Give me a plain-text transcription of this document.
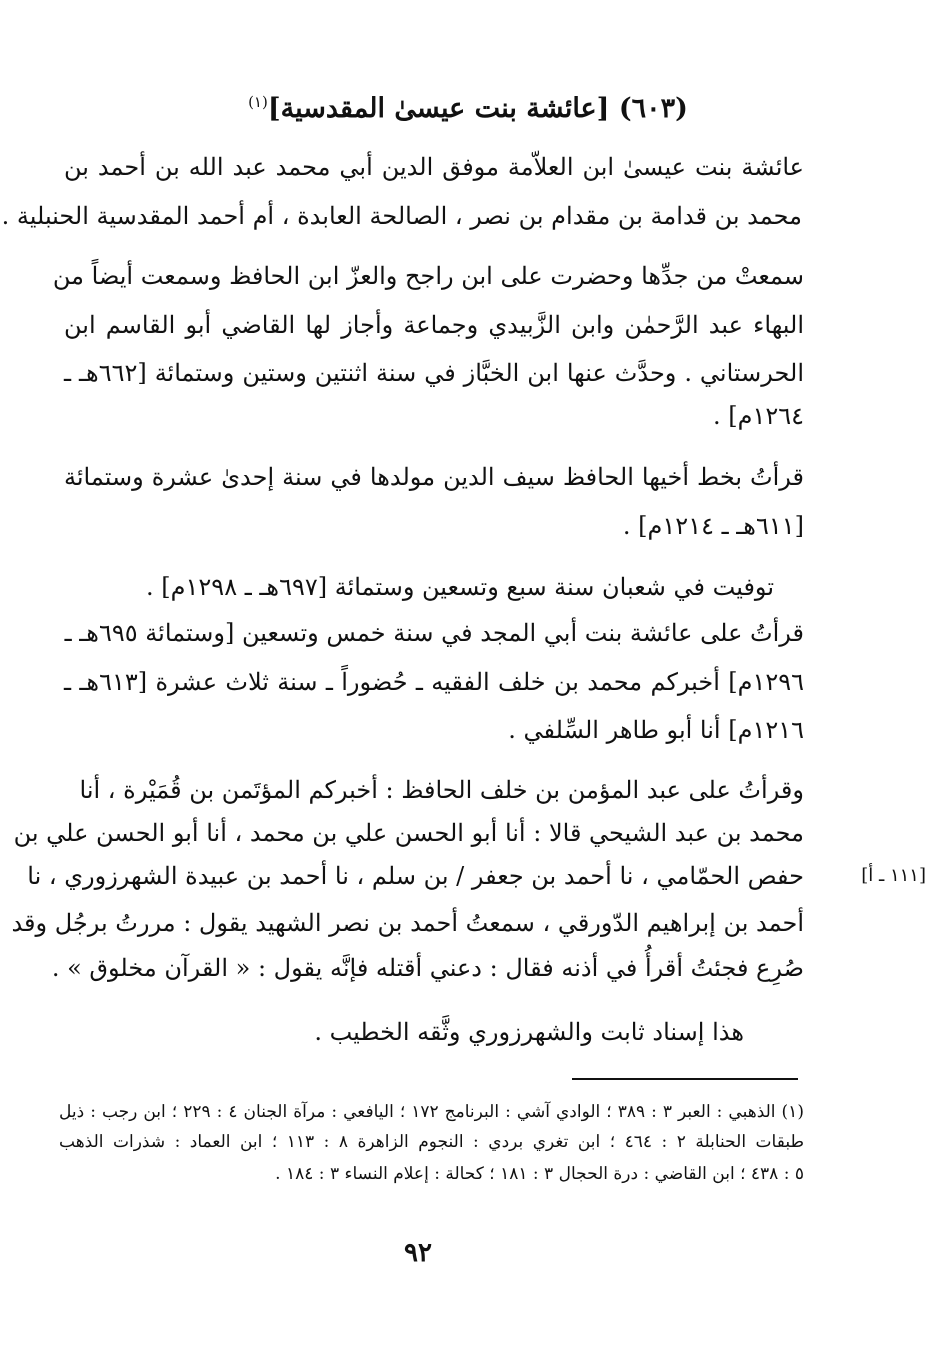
(٦٠٣) [عائشة بنت عيسىٰ المقدسية]$^{(١)}$
عائشة بنت عيسىٰ ابن العلاّمة موفق الدين أبي محمد عبد الله بن أحمد بن
محمد بن قدامة بن مقدام بن نصر ، الصالحة العابدة ، أم أحمد المقدسية الحنبلية .
سمعتْ من جدِّها وحضرت على ابن راجح والعزّ ابن الحافظ وسمعت أيضاً من
البهاء عبد الرَّحمٰن وابن الزَّبيدي وجماعة وأجاز لها القاضي أبو القاسم ابن
الحرستاني . وحدَّث عنها ابن الخبَّاز في سنة اثنتين وستين وستمائة [٦٦٢هـ ـ
١٢٦٤م] .
قرأتُ بخط أخيها الحافظ سيف الدين مولدها في سنة إحدىٰ عشرة وستمائة
[٦١١هـ ـ ١٢١٤م] .
توفيت في شعبان سنة سبع وتسعين وستمائة [٦٩٧هـ ـ ١٢٩٨م] .
قرأتُ على عائشة بنت أبي المجد في سنة خمس وتسعين [وستمائة ٦٩٥هـ ـ
١٢٩٦م] أخبركم محمد بن خلف الفقيه ـ حُضوراً ـ سنة ثلاث عشرة [٦١٣هـ ـ
١٢١٦م] أنا أبو طاهر السِّلفي .
وقرأتُ على عبد المؤمن بن خلف الحافظ : أخبركم المؤتَمن بن قُمَيْرة ، أنا
محمد بن عبد الشيحي قالا : أنا أبو الحسن علي بن محمد ، أنا أبو الحسن علي بن
حفص الحمّامي ، نا أحمد بن جعفر / بن سلم ، نا أحمد بن عبيدة الشهرزوري ، نا
أحمد بن إبراهيم الدّورقي ، سمعتُ أحمد بن نصر الشهيد يقول : مررتُ برجُل وقد
صُرِع فجئتُ أقرأُ في أذنه فقال : دعني أقتله فإنَّه يقول : « القرآن مخلوق » .
هذا إسناد ثابت والشهرزوري وثَّقه الخطيب .
[١١١ ـ أ]
(١) الذهبي : العبر ٣ : ٣٨٩ ؛ الوادي آشي : البرنامج ١٧٢ ؛ اليافعي : مرآة الجنان ٤ : ٢٢٩ ؛ ابن رجب : ذيل
طبقات الحنابلة ٢ : ٤٦٤ ؛ ابن تغري بردي : النجوم الزاهرة ٨ : ١١٣ ؛ ابن العماد : شذرات الذهب
٥ : ٤٣٨ ؛ ابن القاضي : درة الحجال ٣ : ١٨١ ؛ كحالة : إعلام النساء ٣ : ١٨٤ .
٩٢
